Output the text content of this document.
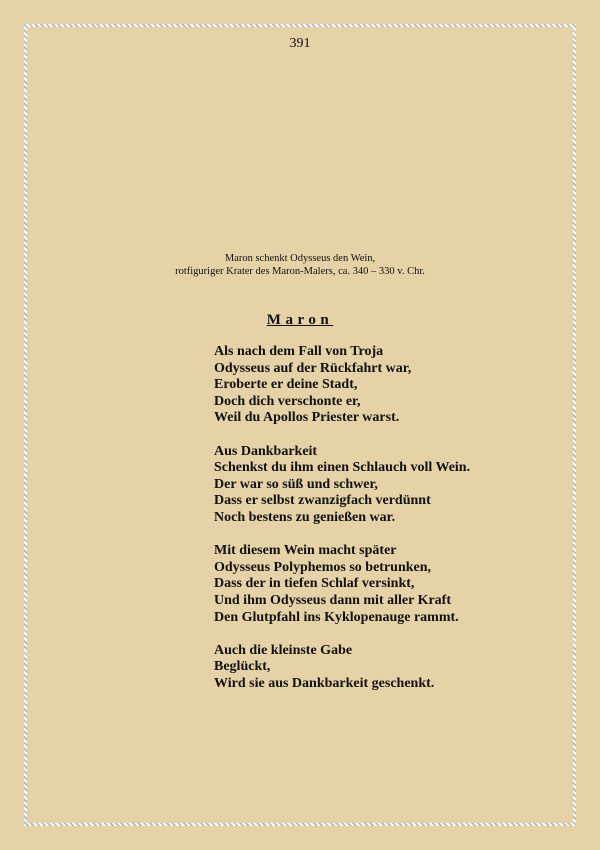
391
Maron schenkt Odysseus den Wein,
rotfiguriger Krater des Maron-Malers, ca. 340 – 330 v. Chr.
Maron
Als nach dem Fall von Troja
Odysseus auf der Rückfahrt war,
Eroberte er deine Stadt,
Doch dich verschonte er,
Weil du Apollos Priester warst.
Aus Dankbarkeit
Schenkst du ihm einen Schlauch voll Wein.
Der war so süß und schwer,
Dass er selbst zwanzigfach verdünnt
Noch bestens zu genießen war.
Mit diesem Wein macht später
Odysseus Polyphemos so betrunken,
Dass der in tiefen Schlaf versinkt,
Und ihm Odysseus dann mit aller Kraft
Den Glutpfahl ins Kyklopenauge rammt.
Auch die kleinste Gabe
Beglückt,
Wird sie aus Dankbarkeit geschenkt.
